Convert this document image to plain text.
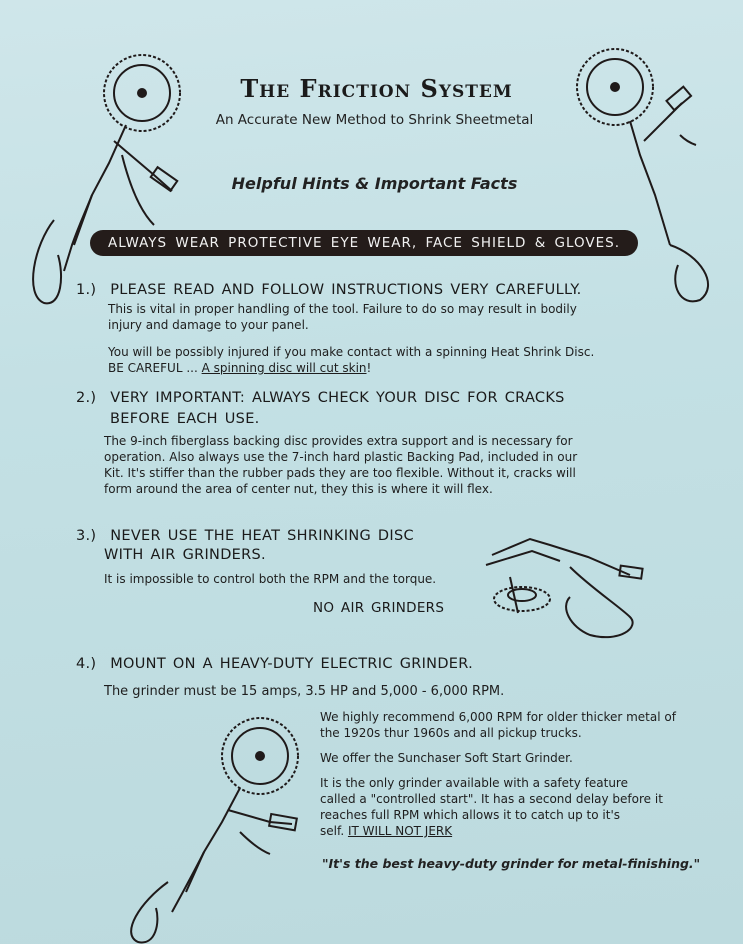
The Friction System
An Accurate New Method to Shrink Sheetmetal
Helpful Hints & Important Facts
ALWAYS WEAR PROTECTIVE EYE WEAR, FACE SHIELD & GLOVES.
1.) PLEASE READ AND FOLLOW INSTRUCTIONS VERY CAREFULLY.
This is vital in proper handling of the tool. Failure to do so may result in bodily
injury and damage to your panel.
You will be possibly injured if you make contact with a spinning Heat Shrink Disc.
BE CAREFUL ... A spinning disc will cut skin!
2.) VERY IMPORTANT: ALWAYS CHECK YOUR DISC FOR CRACKS
BEFORE EACH USE.
The 9-inch fiberglass backing disc provides extra support and is necessary for
operation. Also always use the 7-inch hard plastic Backing Pad, included in our
Kit. It's stiffer than the rubber pads they are too flexible. Without it, cracks will
form around the area of center nut, they this is where it will flex.
3.) NEVER USE THE HEAT SHRINKING DISC
WITH AIR GRINDERS.
It is impossible to control both the RPM and the torque.
NO AIR GRINDERS
4.) MOUNT ON A HEAVY-DUTY ELECTRIC GRINDER.
The grinder must be 15 amps, 3.5 HP and 5,000 - 6,000 RPM.
We highly recommend 6,000 RPM for older thicker metal of
the 1920s thur 1960s and all pickup trucks.
We offer the Sunchaser Soft Start Grinder.
It is the only grinder available with a safety feature
called a "controlled start". It has a second delay before it
reaches full RPM which allows it to catch up to it's
self. IT WILL NOT JERK
"It's the best heavy-duty grinder for metal-finishing."
